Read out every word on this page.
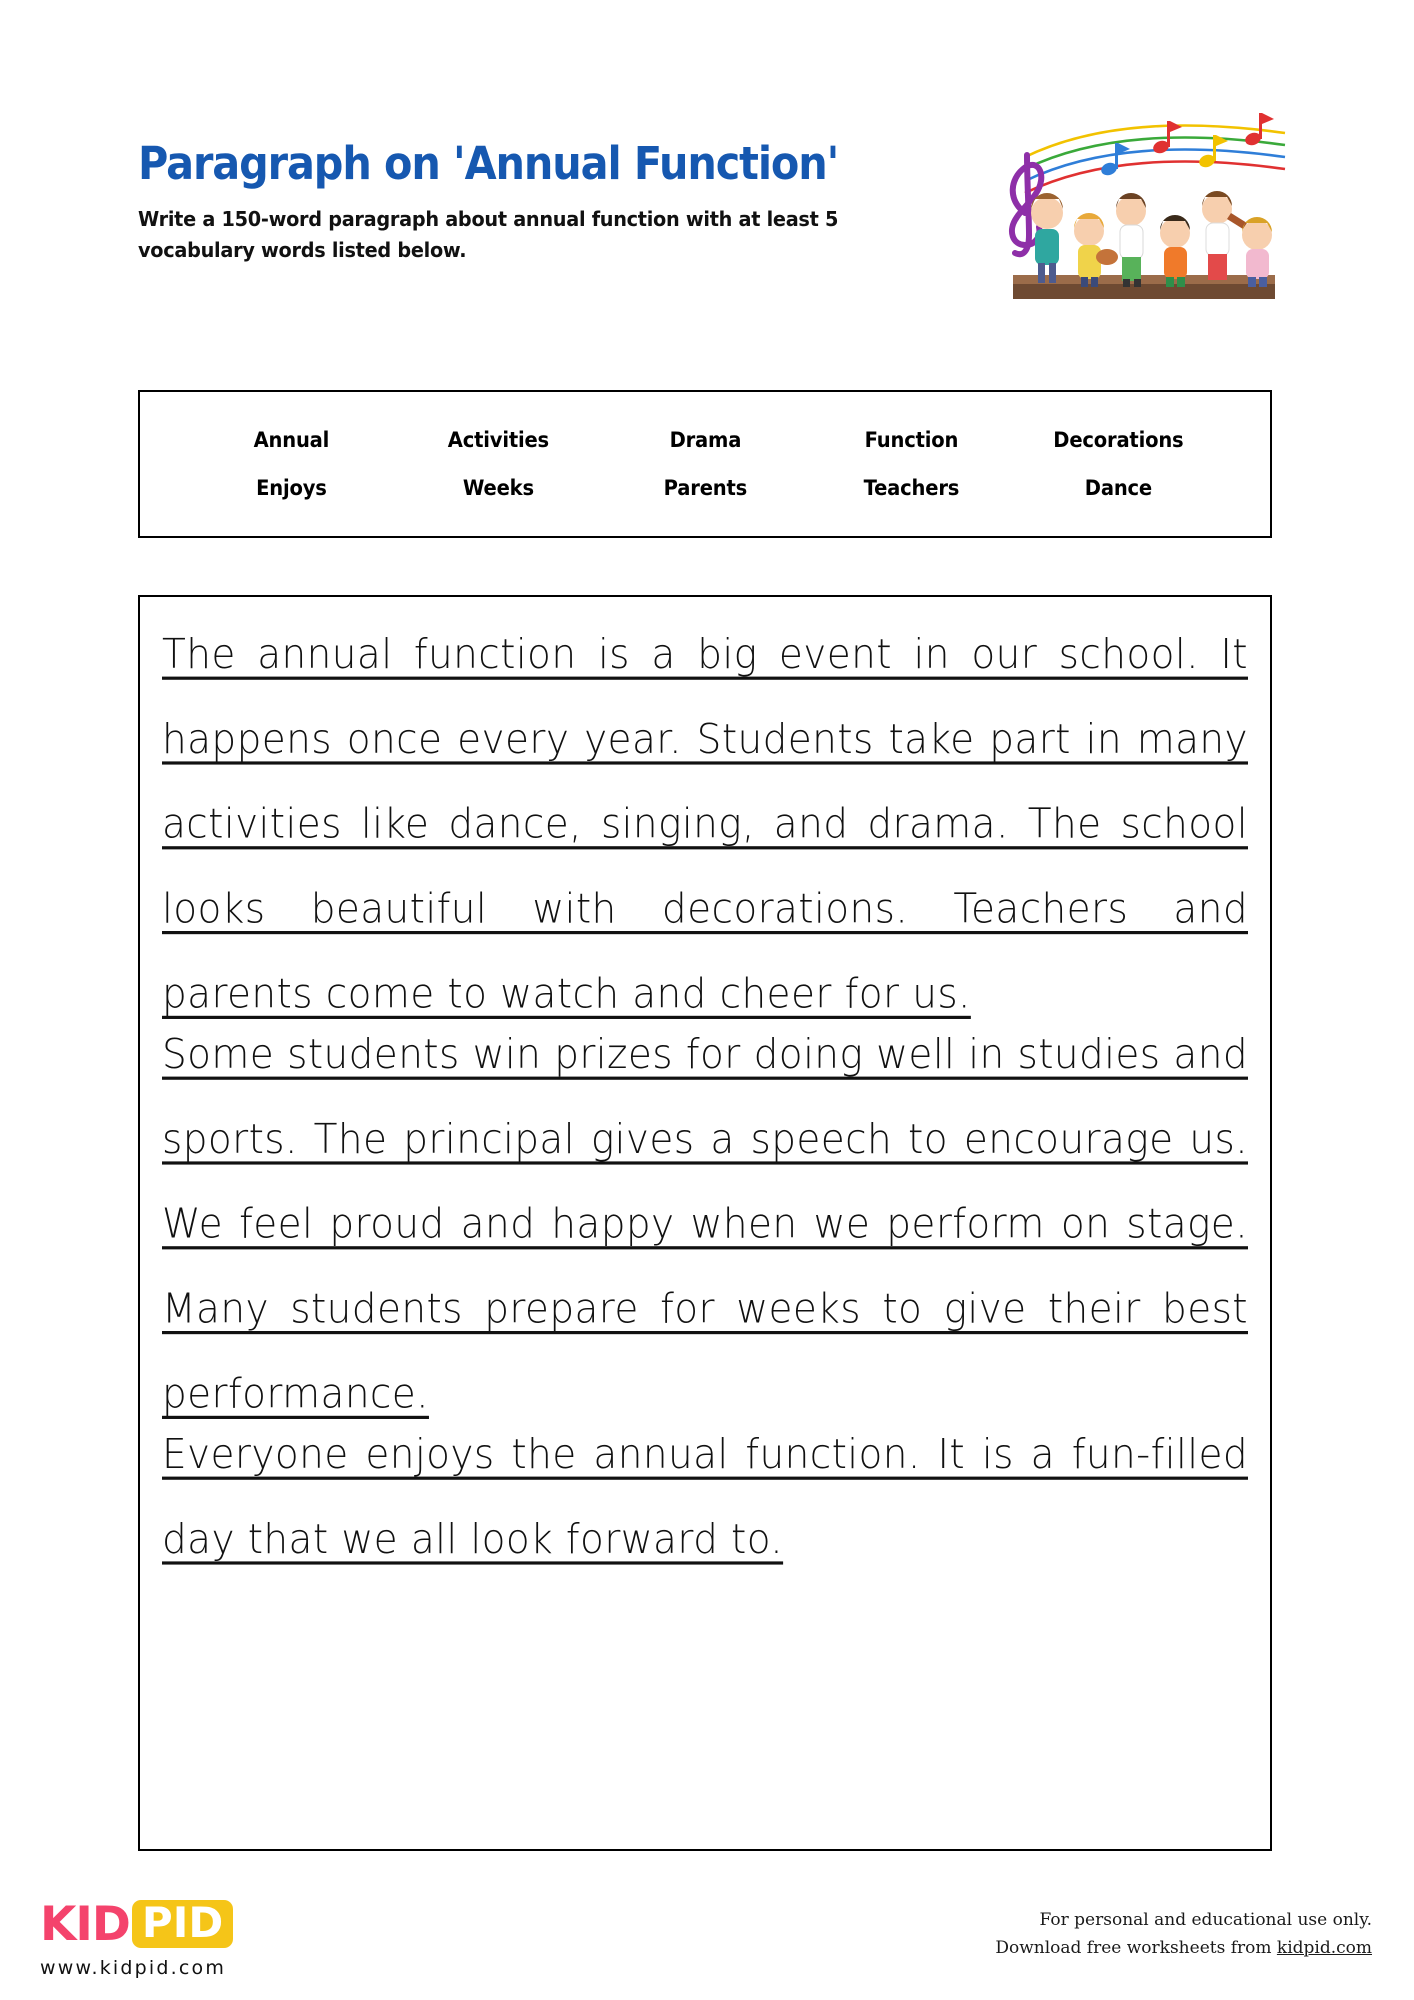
Paragraph on 'Annual Function'

Write a 150-word paragraph about annual function with at least 5 vocabulary words listed below.

Annual	Activities	Drama	Function	Decorations
Enjoys	Weeks	Parents	Teachers	Dance

The annual function is a big event in our school. It happens once every year. Students take part in many activities like dance, singing, and drama. The school looks beautiful with decorations. Teachers and parents come to watch and cheer for us.

Some students win prizes for doing well in studies and sports. The principal gives a speech to encourage us. We feel proud and happy when we perform on stage. Many students prepare for weeks to give their best performance.

Everyone enjoys the annual function. It is a fun-filled day that we all look forward to.

KID PID
www.kidpid.com
For personal and educational use only.
Download free worksheets from kidpid.com
